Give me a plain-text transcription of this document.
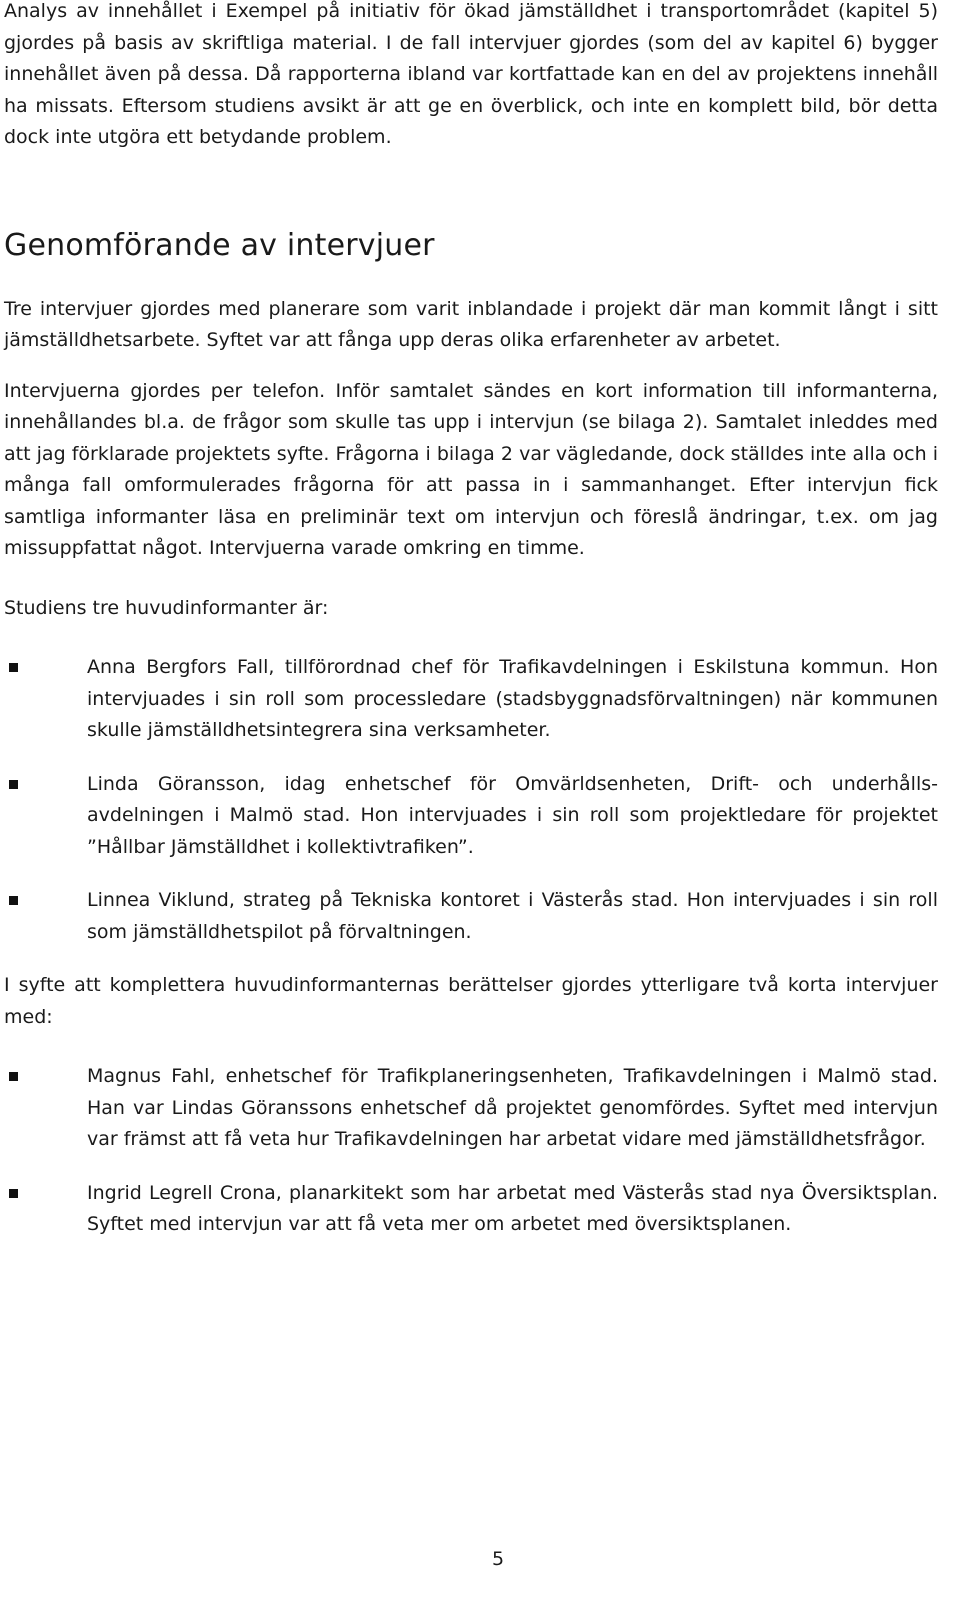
Analys av innehållet i Exempel på initiativ för ökad jämställdhet i transportområdet (kapitel 5) gjordes på basis av skriftliga material. I de fall intervjuer gjordes (som del av kapitel 6) bygger innehållet även på dessa. Då rapporterna ibland var kortfattade kan en del av projektens innehåll ha missats. Eftersom studiens avsikt är att ge en överblick, och inte en komplett bild, bör detta dock inte utgöra ett betydande problem.

Genomförande av intervjuer

Tre intervjuer gjordes med planerare som varit inblandade i projekt där man kommit långt i sitt jämställdhetsarbete. Syftet var att fånga upp deras olika erfarenheter av arbetet.

Intervjuerna gjordes per telefon. Inför samtalet sändes en kort information till informanterna, innehållandes bl.a. de frågor som skulle tas upp i intervjun (se bilaga 2). Samtalet inleddes med att jag förklarade projektets syfte. Frågorna i bilaga 2 var vägledande, dock ställdes inte alla och i många fall omformulerades frågorna för att passa in i sammanhanget. Efter intervjun fick samtliga informanter läsa en preliminär text om intervjun och föreslå ändringar, t.ex. om jag missuppfattat något. Intervjuerna varade omkring en timme.

Studiens tre huvudinformanter är:

Anna Bergfors Fall, tillförordnad chef för Trafikavdelningen i Eskilstuna kommun. Hon intervjuades i sin roll som processledare (stadsbyggnadsförvaltningen) när kommunen skulle jämställdhetsintegrera sina verksamheter.
Linda Göransson, idag enhetschef för Omvärldsenheten, Drift- och underhållsavdelningen i Malmö stad. Hon intervjuades i sin roll som projektledare för projektet ”Hållbar Jämställdhet i kollektivtrafiken”.
Linnea Viklund, strateg på Tekniska kontoret i Västerås stad. Hon intervjuades i sin roll som jämställdhetspilot på förvaltningen.

I syfte att komplettera huvudinformanternas berättelser gjordes ytterligare två korta intervjuer med:

Magnus Fahl, enhetschef för Trafikplaneringsenheten, Trafikavdelningen i Malmö stad. Han var Lindas Göranssons enhetschef då projektet genomfördes. Syftet med intervjun var främst att få veta hur Trafikavdelningen har arbetat vidare med jämställdhetsfrågor.
Ingrid Legrell Crona, planarkitekt som har arbetat med Västerås stad nya Översiktsplan. Syftet med intervjun var att få veta mer om arbetet med översiktsplanen.
5
